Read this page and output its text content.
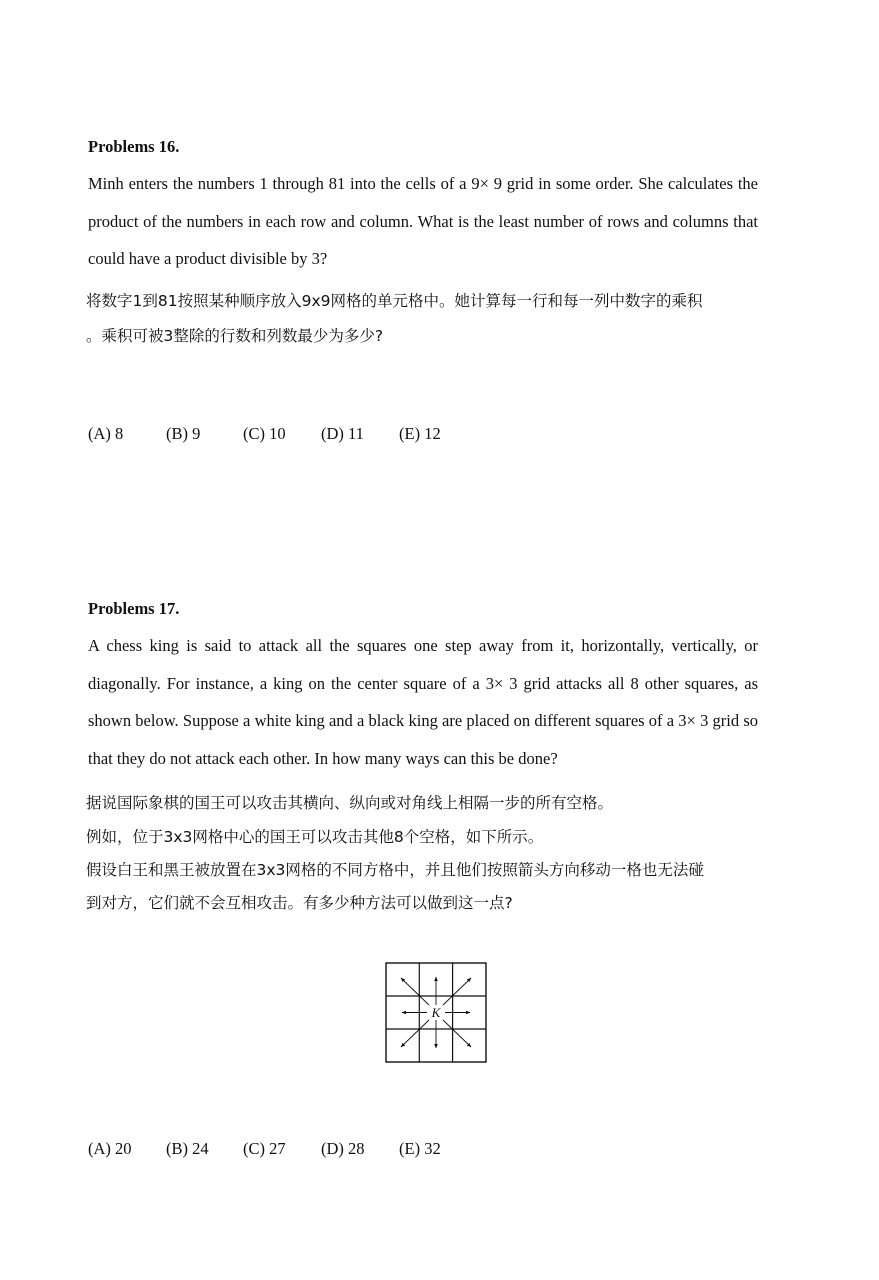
Problems 16.
Minh enters the numbers 1 through 81 into the cells of a 9× 9 grid in some order. She calculates the product of the numbers in each row and column. What is the least number of rows and columns that could have a product divisible by 3?
将数字1到81按照某种顺序放入9x9网格的单元格中。她计算每一行和每一列中数字的乘积
。乘积可被3整除的行数和列数最少为多少?
(A) 8	(B) 9	(C) 10 (D) 11 (E) 12
Problems 17.
A chess king is said to attack all the squares one step away from it, horizontally, vertically, or diagonally. For instance, a king on the center square of a 3× 3 grid attacks all 8 other squares, as shown below. Suppose a white king and a black king are placed on different squares of a 3× 3 grid so that they do not attack each other. In how many ways can this be done?
据说国际象棋的国王可以攻击其横向、纵向或对角线上相隔一步的所有空格。
例如，位于3x3网格中心的国王可以攻击其他8个空格，如下所示。
假设白王和黑王被放置在3x3网格的不同方格中，并且他们按照箭头方向移动一格也无法碰
到对方，它们就不会互相攻击。有多少种方法可以做到这一点?
K
(A) 20 (B) 24 (C) 27 (D) 28 (E) 32
